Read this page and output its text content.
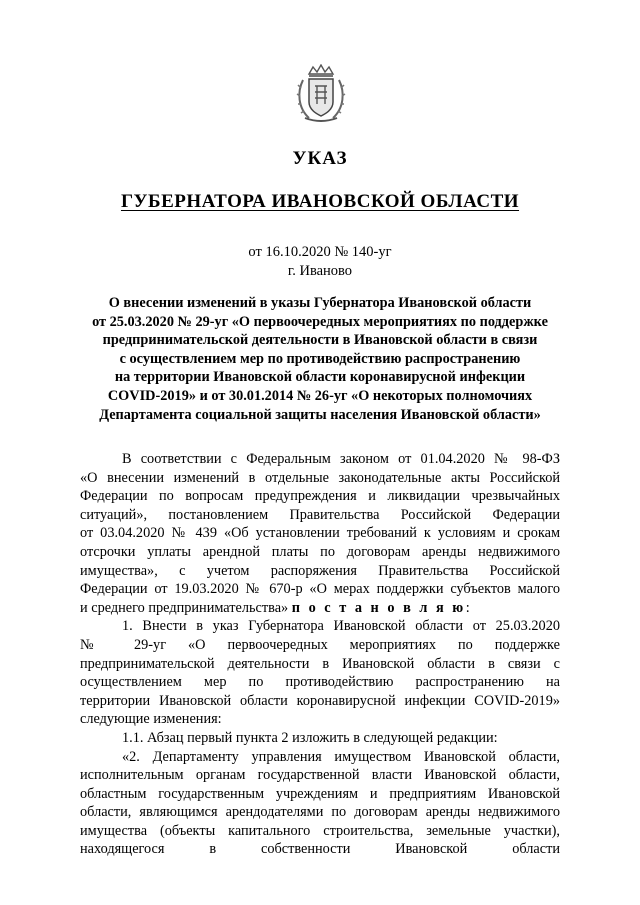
УКАЗ
ГУБЕРНАТОРА ИВАНОВСКОЙ ОБЛАСТИ
от 16.10.2020 № 140-уг
г. Иваново
О внесении изменений в указы Губернатора Ивановской области
от 25.03.2020 № 29-уг «О первоочередных мероприятиях по поддержке
предпринимательской деятельности в Ивановской области в связи
с осуществлением мер по противодействию распространению
на территории Ивановской области коронавирусной инфекции
COVID-2019» и от 30.01.2014 № 26-уг «О некоторых полномочиях
Департамента социальной защиты населения Ивановской области»
В соответствии с Федеральным законом от 01.04.2020 № 98-ФЗ
«О внесении изменений в отдельные законодательные акты Российской
Федерации по вопросам предупреждения и ликвидации чрезвычайных
ситуаций», постановлением Правительства Российской Федерации
от 03.04.2020 № 439 «Об установлении требований к условиям и срокам
отсрочки уплаты арендной платы по договорам аренды недвижимого
имущества», с учетом распоряжения Правительства Российской
Федерации от 19.03.2020 № 670-р «О мерах поддержки субъектов малого
и среднего предпринимательства» п о с т а н о в л я ю:
1. Внести в указ Губернатора Ивановской области от 25.03.2020
№ 29-уг «О первоочередных мероприятиях по поддержке
предпринимательской деятельности в Ивановской области в связи с
осуществлением мер по противодействию распространению на
территории Ивановской области коронавирусной инфекции COVID-2019»
следующие изменения:
1.1. Абзац первый пункта 2 изложить в следующей редакции:
«2. Департаменту управления имуществом Ивановской области,
исполнительным органам государственной власти Ивановской области,
областным государственным учреждениям и предприятиям Ивановской
области, являющимся арендодателями по договорам аренды недвижимого
имущества (объекты капитального строительства, земельные участки),
находящегося в собственности Ивановской области
